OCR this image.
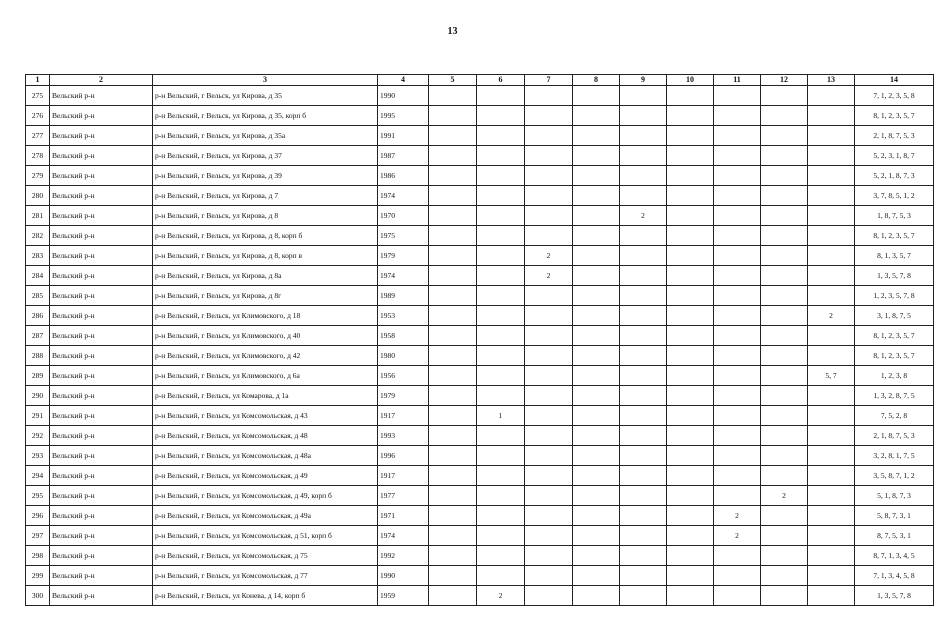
13
1	2	3	4	5	6	7	8	9	10	11	12	13	14
275	Вельский р-н	р-н Вельский, г Вельск, ул Кирова, д 35	1990										7, 1, 2, 3, 5, 8
276	Вельский р-н	р-н Вельский, г Вельск, ул Кирова, д 35, корп б	1995										8, 1, 2, 3, 5, 7
277	Вельский р-н	р-н Вельский, г Вельск, ул Кирова, д 35а	1991										2, 1, 8, 7, 5, 3
278	Вельский р-н	р-н Вельский, г Вельск, ул Кирова, д 37	1987										5, 2, 3, 1, 8, 7
279	Вельский р-н	р-н Вельский, г Вельск, ул Кирова, д 39	1986										5, 2, 1, 8, 7, 3
280	Вельский р-н	р-н Вельский, г Вельск, ул Кирова, д 7	1974										3, 7, 8, 5, 1, 2
281	Вельский р-н	р-н Вельский, г Вельск, ул Кирова, д 8	1970					2					1, 8, 7, 5, 3
282	Вельский р-н	р-н Вельский, г Вельск, ул Кирова, д 8, корп б	1975										8, 1, 2, 3, 5, 7
283	Вельский р-н	р-н Вельский, г Вельск, ул Кирова, д 8, корп в	1979			2							8, 1, 3, 5, 7
284	Вельский р-н	р-н Вельский, г Вельск, ул Кирова, д 8а	1974			2							1, 3, 5, 7, 8
285	Вельский р-н	р-н Вельский, г Вельск, ул Кирова, д 8г	1989										1, 2, 3, 5, 7, 8
286	Вельский р-н	р-н Вельский, г Вельск, ул Климовского, д 18	1953									2	3, 1, 8, 7, 5
287	Вельский р-н	р-н Вельский, г Вельск, ул Климовского, д 40	1958										8, 1, 2, 3, 5, 7
288	Вельский р-н	р-н Вельский, г Вельск, ул Климовского, д 42	1980										8, 1, 2, 3, 5, 7
289	Вельский р-н	р-н Вельский, г Вельск, ул Климовского, д 6а	1956									5, 7	1, 2, 3, 8
290	Вельский р-н	р-н Вельский, г Вельск, ул Комарова, д 1а	1979										1, 3, 2, 8, 7, 5
291	Вельский р-н	р-н Вельский, г Вельск, ул Комсомольская, д 43	1917		1								7, 5, 2, 8
292	Вельский р-н	р-н Вельский, г Вельск, ул Комсомольская, д 48	1993										2, 1, 8, 7, 5, 3
293	Вельский р-н	р-н Вельский, г Вельск, ул Комсомольская, д 48а	1996										3, 2, 8, 1, 7, 5
294	Вельский р-н	р-н Вельский, г Вельск, ул Комсомольская, д 49	1917										3, 5, 8, 7, 1, 2
295	Вельский р-н	р-н Вельский, г Вельск, ул Комсомольская, д 49, корп б	1977								2		5, 1, 8, 7, 3
296	Вельский р-н	р-н Вельский, г Вельск, ул Комсомольская, д 49а	1971							2			5, 8, 7, 3, 1
297	Вельский р-н	р-н Вельский, г Вельск, ул Комсомольская, д 51, корп б	1974							2			8, 7, 5, 3, 1
298	Вельский р-н	р-н Вельский, г Вельск, ул Комсомольская, д 75	1992										8, 7, 1, 3, 4, 5
299	Вельский р-н	р-н Вельский, г Вельск, ул Комсомольская, д 77	1990										7, 1, 3, 4, 5, 8
300	Вельский р-н	р-н Вельский, г Вельск, ул Конева, д 14, корп б	1959		2								1, 3, 5, 7, 8
